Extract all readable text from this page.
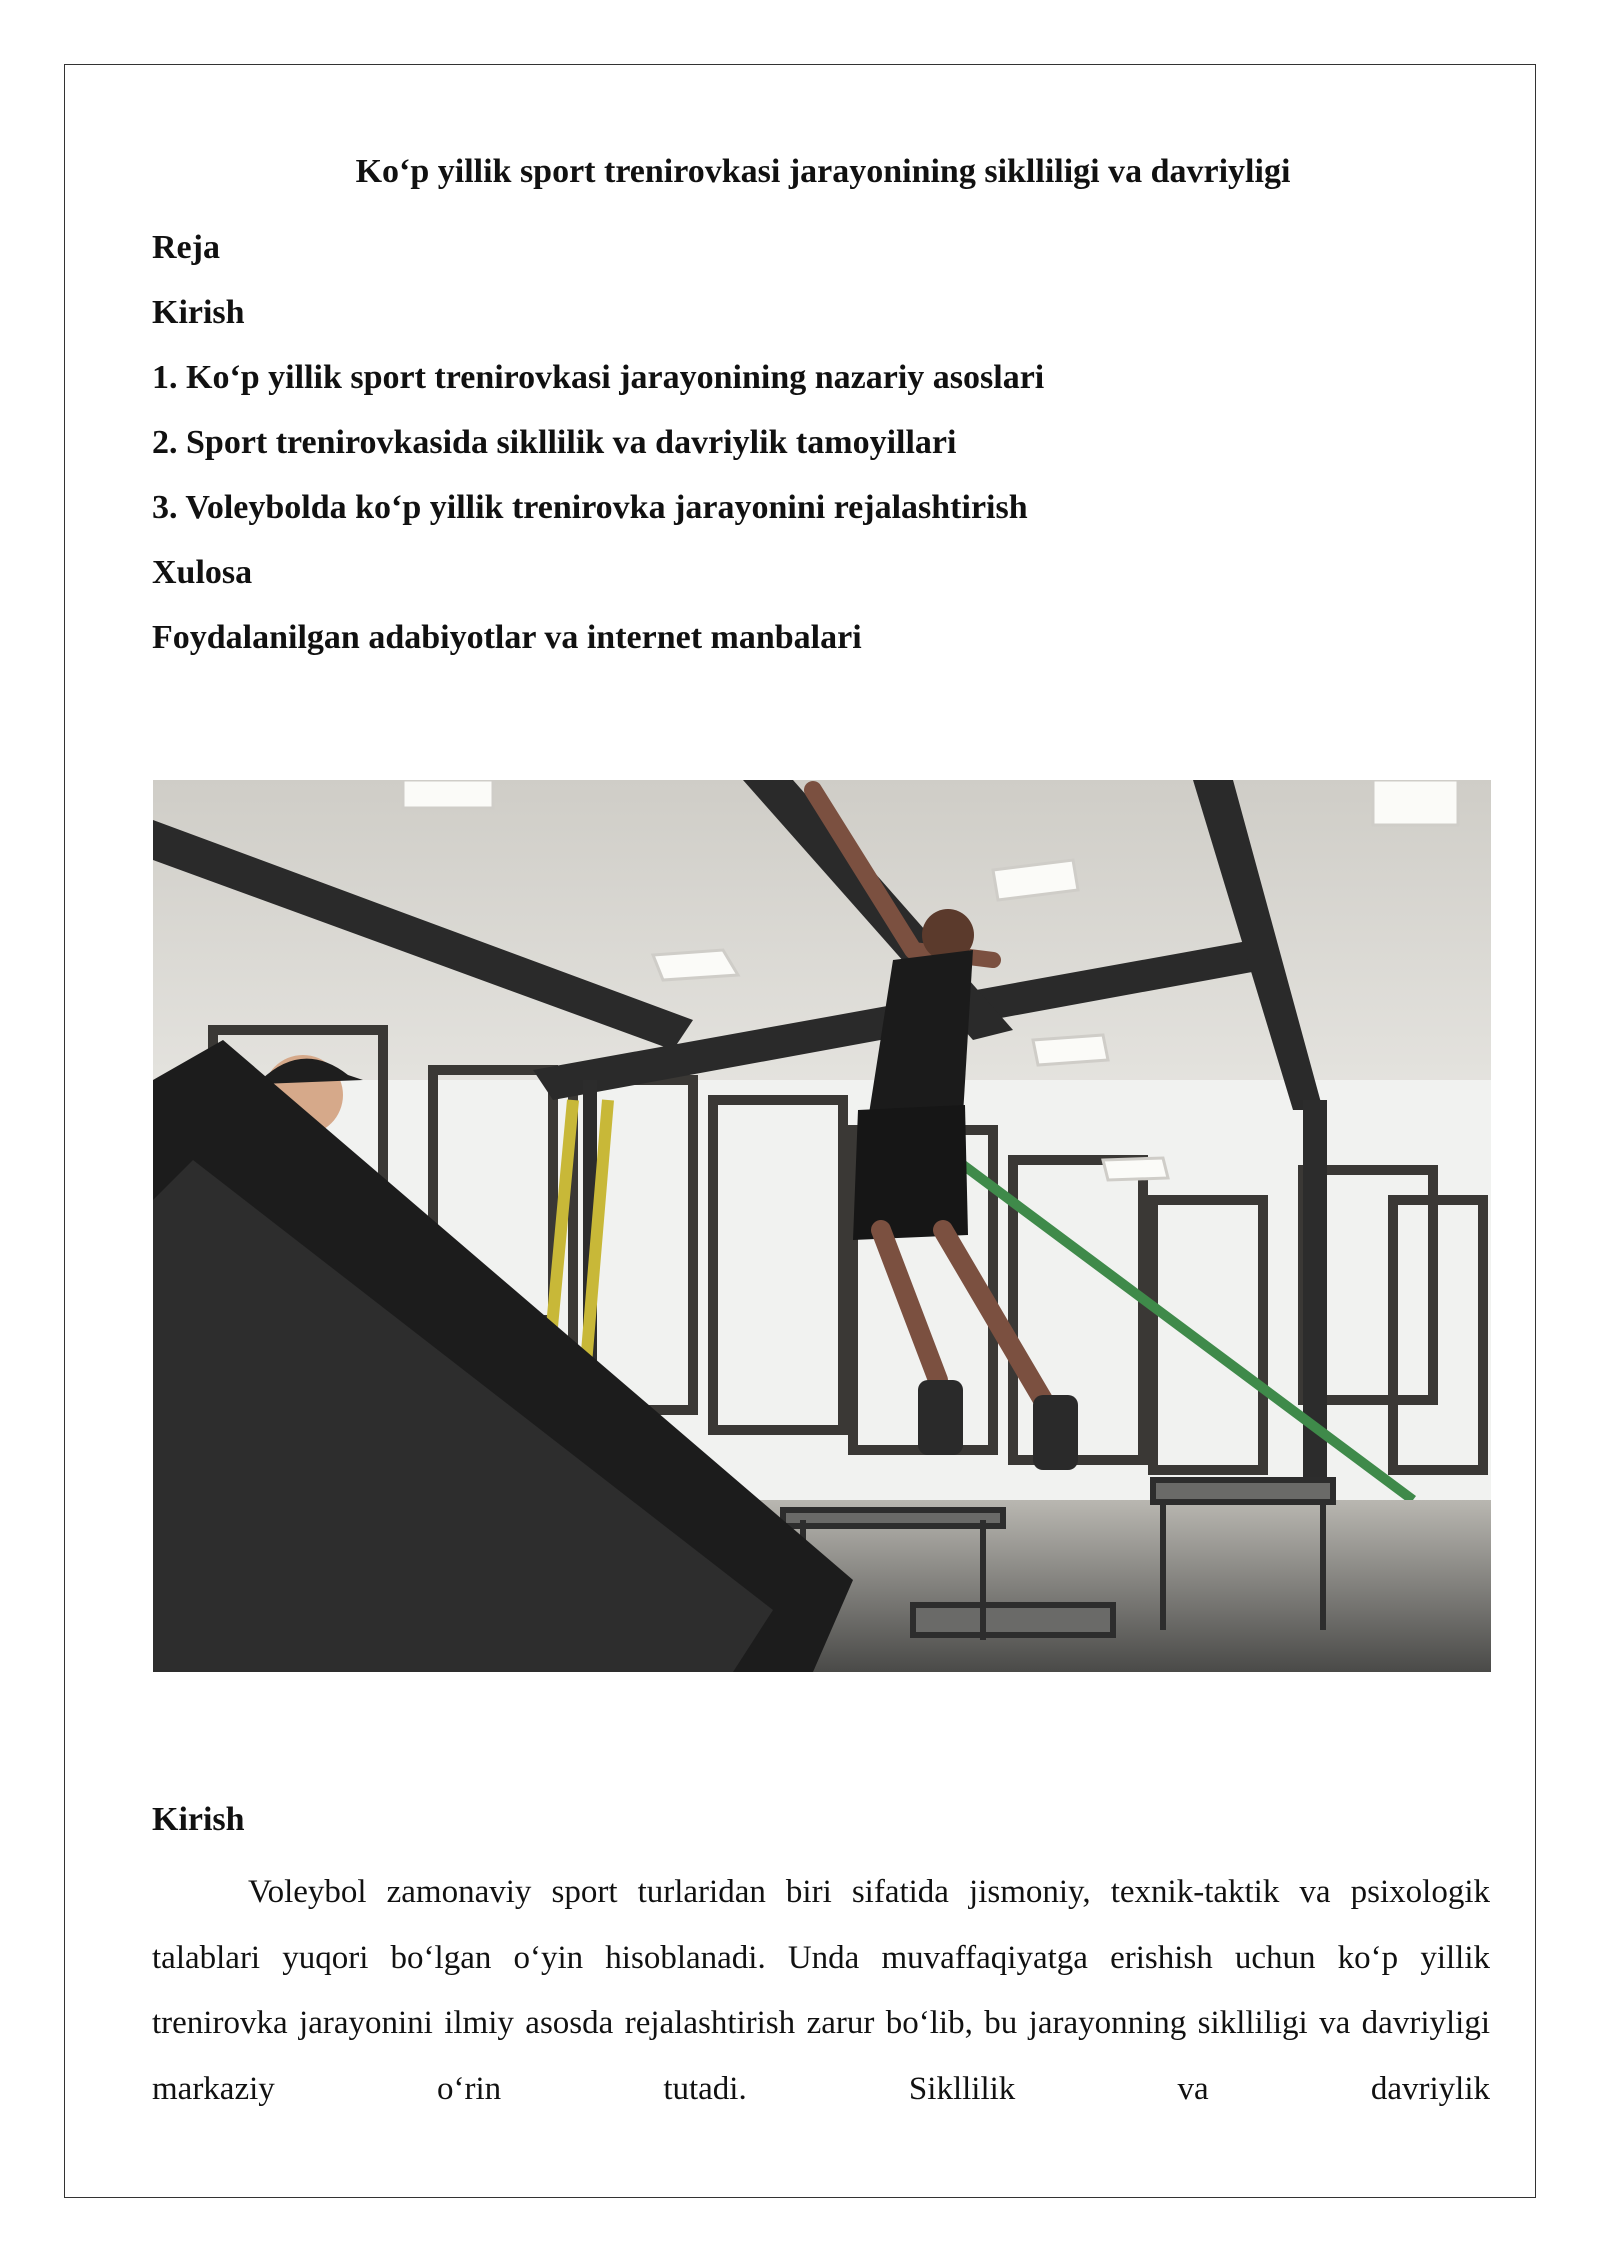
Ko‘p yillik sport trenirovkasi jarayonining siklliligi va davriyligi
Reja
Kirish
1. Ko‘p yillik sport trenirovkasi jarayonining nazariy asoslari
2. Sport trenirovkasida sikllilik va davriylik tamoyillari
3. Voleybolda ko‘p yillik trenirovka jarayonini rejalashtirish
Xulosa
Foydalanilgan adabiyotlar va internet manbalari
Kirish

Voleybol zamonaviy sport turlaridan biri sifatida jismoniy, texnik-taktik va psixologik talablari yuqori bo‘lgan o‘yin hisoblanadi. Unda muvaffaqiyatga erishish uchun ko‘p yillik trenirovka jarayonini ilmiy asosda rejalashtirish zarur bo‘lib, bu jarayonning siklliligi va davriyligi markaziy o‘rin tutadi. Sikllilik va davriylik
